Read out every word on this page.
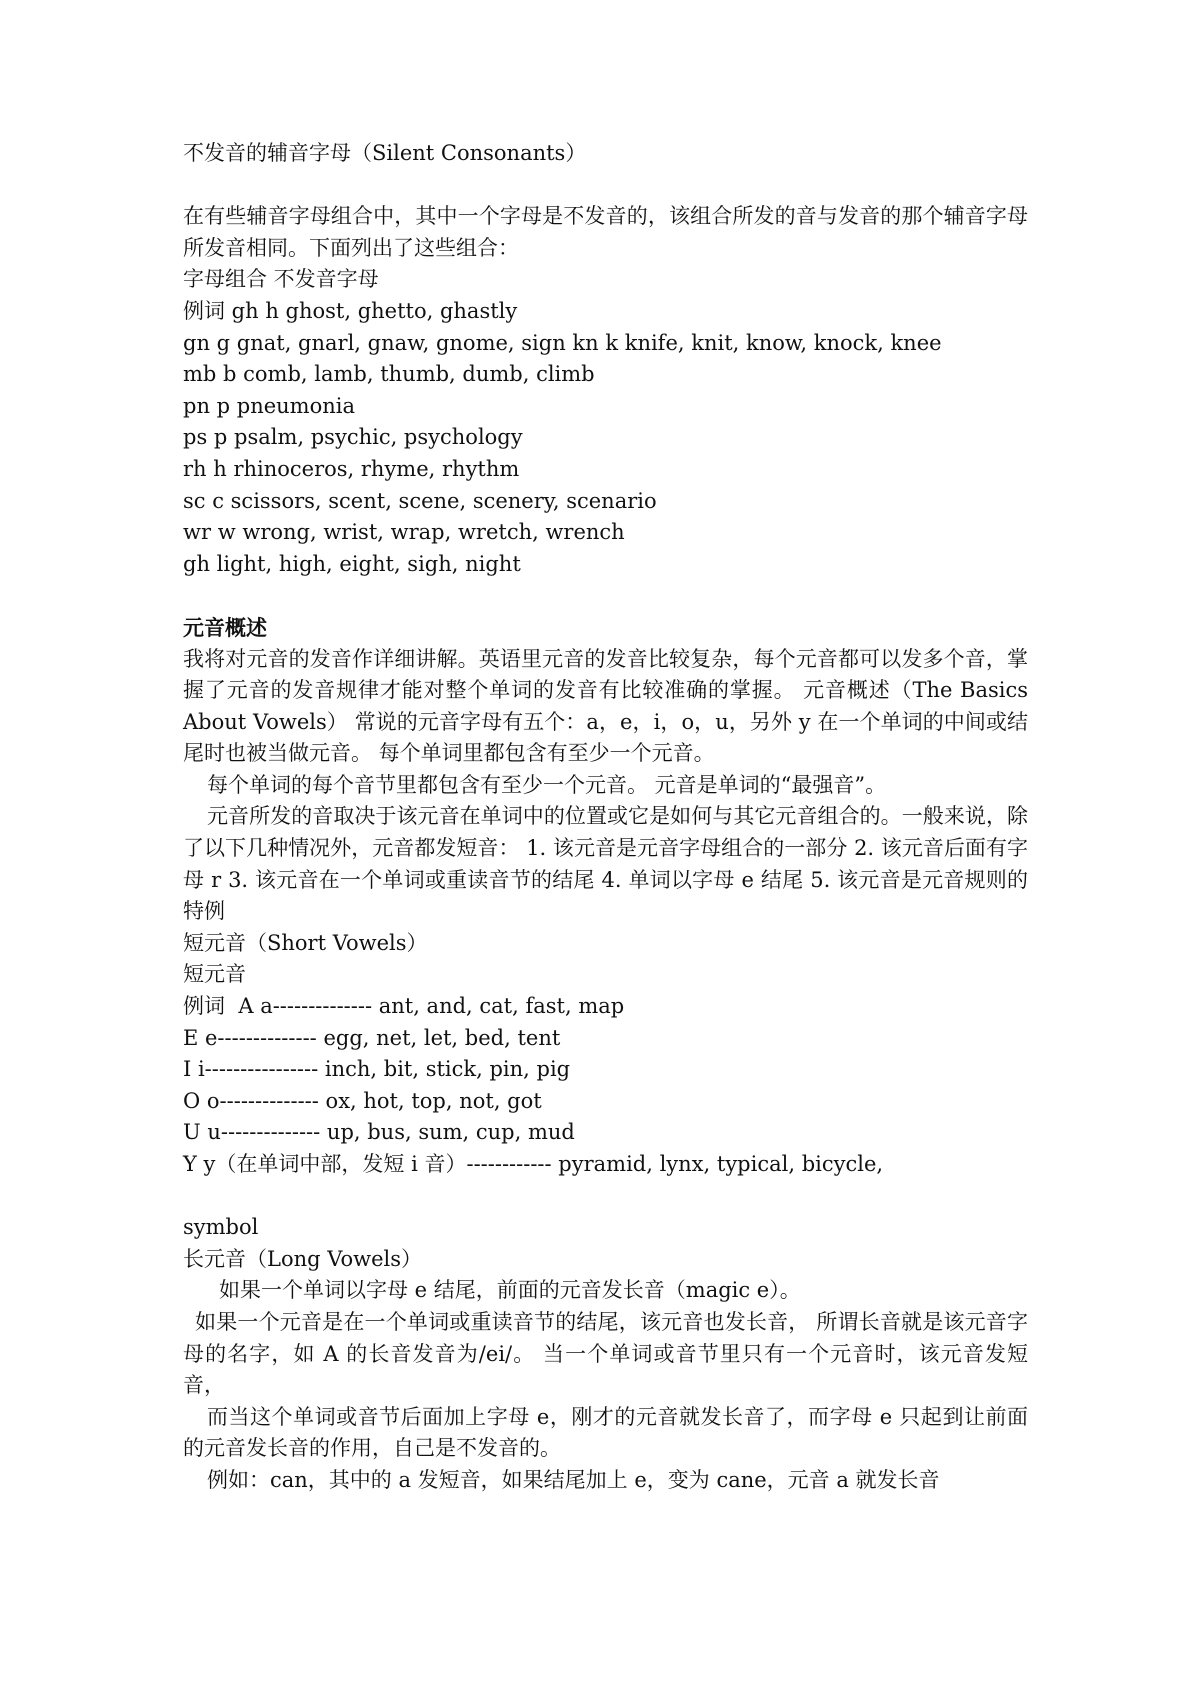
不发音的辅音字母（Silent Consonants）

在有些辅音字母组合中，其中一个字母是不发音的，该组合所发的音与发音的那个辅音字母所发音相同。下面列出了这些组合：

字母组合 不发音字母

例词 gh h ghost, ghetto, ghastly

gn g gnat, gnarl, gnaw, gnome, sign kn k knife, knit, know, knock, knee

mb b comb, lamb, thumb, dumb, climb

pn p pneumonia

ps p psalm, psychic, psychology

rh h rhinoceros, rhyme, rhythm

sc c scissors, scent, scene, scenery, scenario

wr w wrong, wrist, wrap, wretch, wrench

gh light, high, eight, sigh, night

元音概述

我将对元音的发音作详细讲解。英语里元音的发音比较复杂，每个元音都可以发多个音，掌握了元音的发音规律才能对整个单词的发音有比较准确的掌握。 元音概述（The Basics About Vowels） 常说的元音字母有五个：a，e，i，o，u，另外 y 在一个单词的中间或结尾时也被当做元音。 每个单词里都包含有至少一个元音。

每个单词的每个音节里都包含有至少一个元音。 元音是单词的“最强音”。

元音所发的音取决于该元音在单词中的位置或它是如何与其它元音组合的。一般来说，除了以下几种情况外，元音都发短音： 1. 该元音是元音字母组合的一部分 2. 该元音后面有字母 r 3. 该元音在一个单词或重读音节的结尾 4. 单词以字母 e 结尾 5. 该元音是元音规则的特例

短元音（Short Vowels）

短元音

例词  A a-------------- ant, and, cat, fast, map

E e-------------- egg, net, let, bed, tent

I i---------------- inch, bit, stick, pin, pig

O o-------------- ox, hot, top, not, got

U u-------------- up, bus, sum, cup, mud

Y y（在单词中部，发短 i 音）------------ pyramid, lynx, typical, bicycle,

symbol

长元音（Long Vowels）

如果一个单词以字母 e 结尾，前面的元音发长音（magic e）。

如果一个元音是在一个单词或重读音节的结尾，该元音也发长音， 所谓长音就是该元音字母的名字，如 A 的长音发音为/ei/。 当一个单词或音节里只有一个元音时，该元音发短音，

而当这个单词或音节后面加上字母 e，刚才的元音就发长音了，而字母 e 只起到让前面的元音发长音的作用，自己是不发音的。

例如：can，其中的 a 发短音，如果结尾加上 e，变为 cane，元音 a 就发长音
